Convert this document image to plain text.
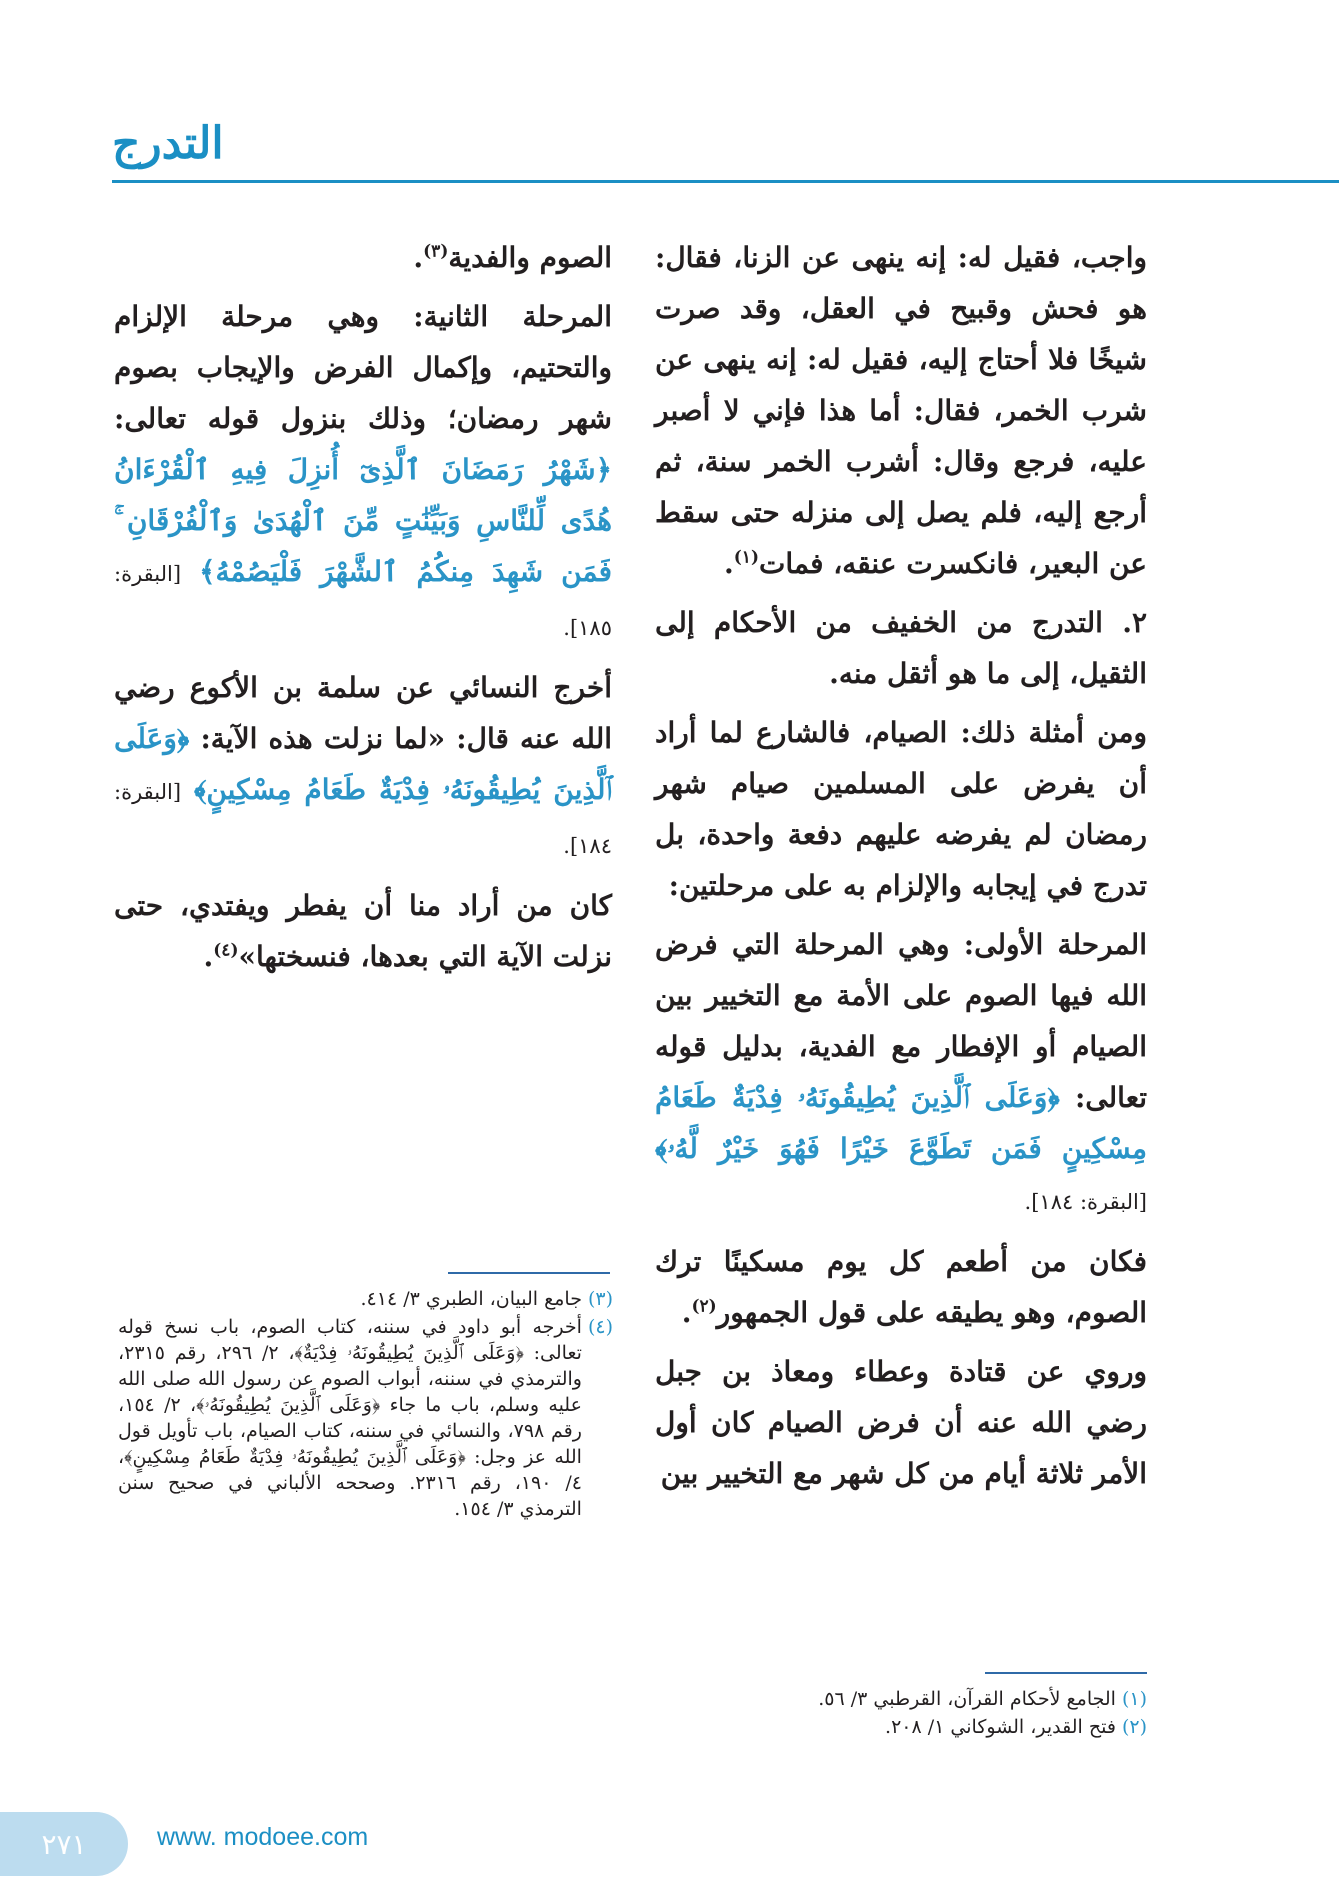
التدرج

واجب، فقيل له: إنه ينهى عن الزنا، فقال: هو فحش وقبيح في العقل، وقد صرت شيخًا فلا أحتاج إليه، فقيل له: إنه ينهى عن شرب الخمر، فقال: أما هذا فإني لا أصبر عليه، فرجع وقال: أشرب الخمر سنة، ثم أرجع إليه، فلم يصل إلى منزله حتى سقط عن البعير، فانكسرت عنقه، فمات$^{(١)}$.

٢. التدرج من الخفيف من الأحكام إلى الثقيل، إلى ما هو أثقل منه.

ومن أمثلة ذلك: الصيام، فالشارع لما أراد أن يفرض على المسلمين صيام شهر رمضان لم يفرضه عليهم دفعة واحدة، بل تدرج في إيجابه والإلزام به على مرحلتين:

المرحلة الأولى: وهي المرحلة التي فرض الله فيها الصوم على الأمة مع التخيير بين الصيام أو الإفطار مع الفدية، بدليل قوله تعالى: ﴿وَعَلَى ٱلَّذِينَ يُطِيقُونَهُۥ فِدْيَةٌ طَعَامُ مِسْكِينٍ فَمَن تَطَوَّعَ خَيْرًا فَهُوَ خَيْرٌ لَّهُۥ﴾ [البقرة: ١٨٤].

فكان من أطعم كل يوم مسكينًا ترك الصوم، وهو يطيقه على قول الجمهور$^{(٢)}$.

وروي عن قتادة وعطاء ومعاذ بن جبل رضي الله عنه أن فرض الصيام كان أول الأمر ثلاثة أيام من كل شهر مع التخيير بين

الصوم والفدية$^{(٣)}$.

المرحلة الثانية: وهي مرحلة الإلزام والتحتيم، وإكمال الفرض والإيجاب بصوم شهر رمضان؛ وذلك بنزول قوله تعالى: ﴿شَهْرُ رَمَضَانَ ٱلَّذِىٓ أُنزِلَ فِيهِ ٱلْقُرْءَانُ هُدًى لِّلنَّاسِ وَبَيِّنَٰتٍ مِّنَ ٱلْهُدَىٰ وَٱلْفُرْقَانِ ۚ فَمَن شَهِدَ مِنكُمُ ٱلشَّهْرَ فَلْيَصُمْهُ﴾ [البقرة: ١٨٥].

أخرج النسائي عن سلمة بن الأكوع رضي الله عنه قال: «لما نزلت هذه الآية: ﴿وَعَلَى ٱلَّذِينَ يُطِيقُونَهُۥ فِدْيَةٌ طَعَامُ مِسْكِينٍ﴾ [البقرة: ١٨٤].

كان من أراد منا أن يفطر ويفتدي، حتى نزلت الآية التي بعدها، فنسختها»$^{(٤)}$.

(٣)
جامع البيان، الطبري ٣/ ٤١٤.
(٤)
أخرجه أبو داود في سننه، كتاب الصوم، باب نسخ قوله تعالى: ﴿وَعَلَى ٱلَّذِينَ يُطِيقُونَهُۥ فِدْيَةٌ﴾، ٢/ ٢٩٦، رقم ٢٣١٥، والترمذي في سننه، أبواب الصوم عن رسول الله صلى الله عليه وسلم، باب ما جاء ﴿وَعَلَى ٱلَّذِينَ يُطِيقُونَهُۥ﴾، ٢/ ١٥٤، رقم ٧٩٨، والنسائي في سننه، كتاب الصيام، باب تأويل قول الله عز وجل: ﴿وَعَلَى ٱلَّذِينَ يُطِيقُونَهُۥ فِدْيَةٌ طَعَامُ مِسْكِينٍ﴾، ٤/ ١٩٠، رقم ٢٣١٦. وصححه الألباني في صحيح سنن الترمذي ٣/ ١٥٤.
(١)
الجامع لأحكام القرآن، القرطبي ٣/ ٥٦.
(٢)
فتح القدير، الشوكاني ١/ ٢٠٨.
٢٧١	www. modoee.com
